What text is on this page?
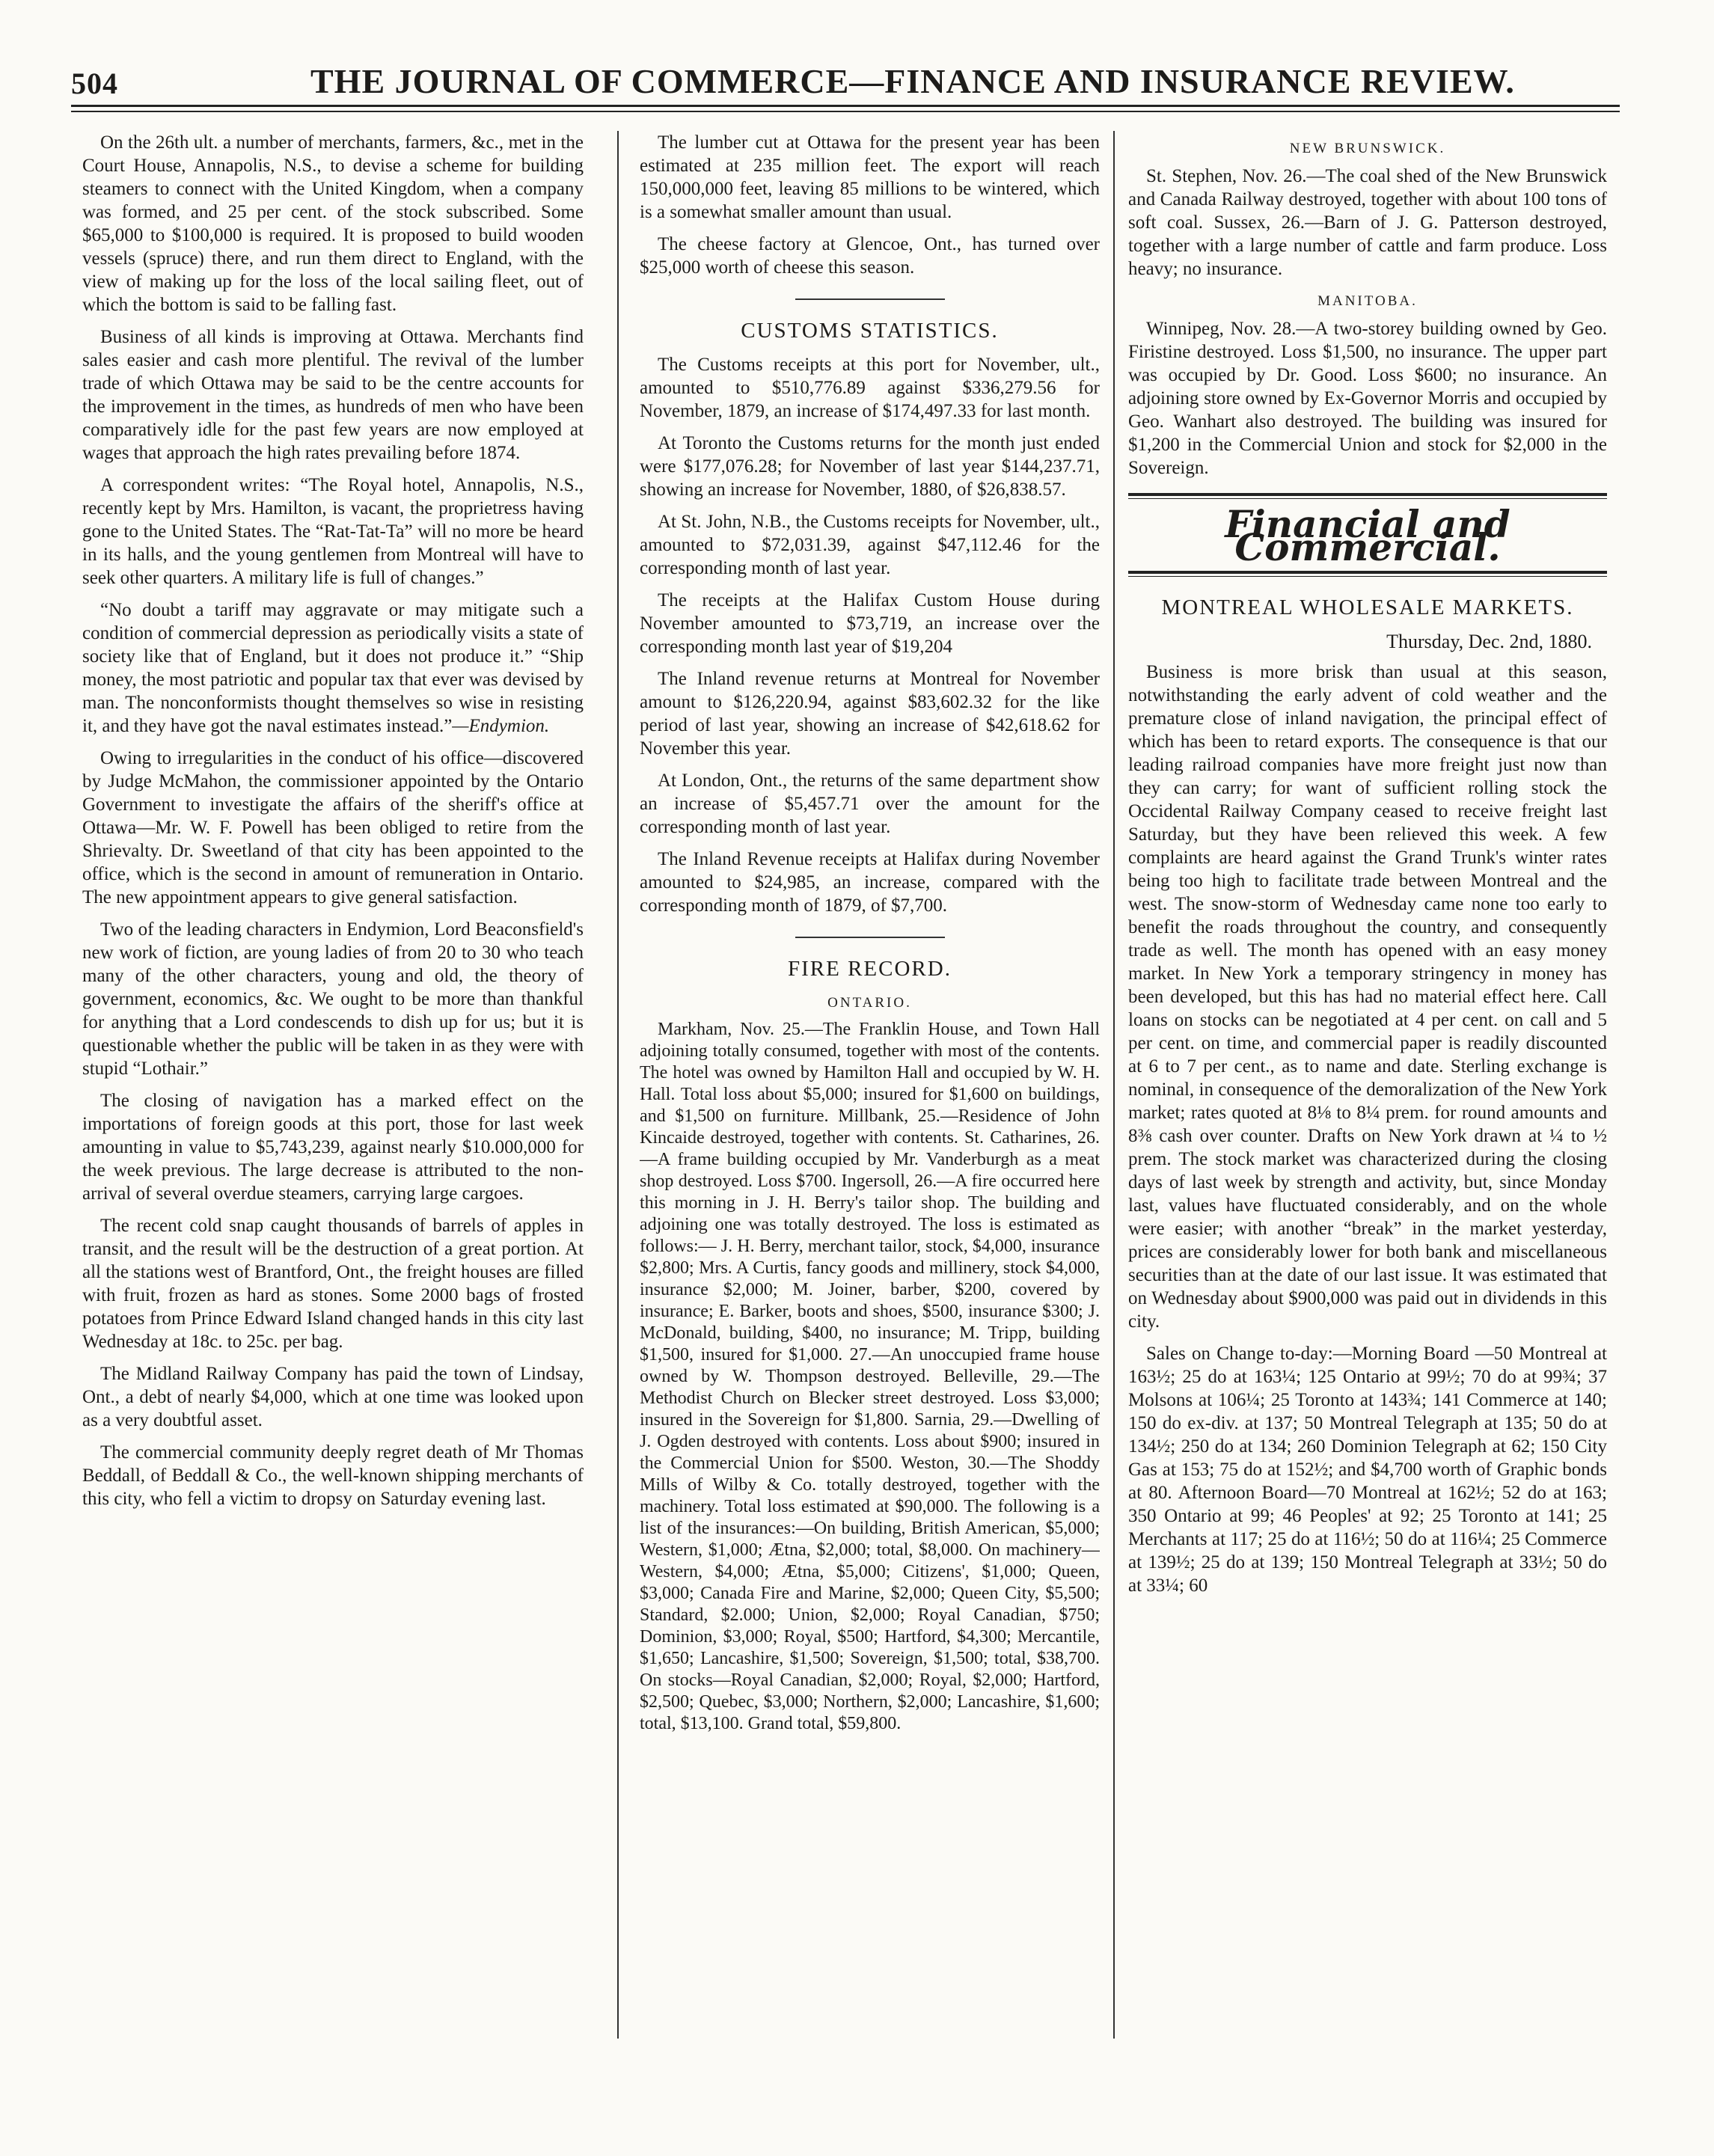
504	THE JOURNAL OF COMMERCE—FINANCE AND INSURANCE REVIEW.

On the 26th ult. a number of merchants, farmers, &c., met in the Court House, Annapolis, N.S., to devise a scheme for building steamers to connect with the United Kingdom, when a company was formed, and 25 per cent. of the stock subscribed. Some $65,000 to $100,000 is required. It is proposed to build wooden vessels (spruce) there, and run them direct to England, with the view of making up for the loss of the local sailing fleet, out of which the bottom is said to be falling fast.

Business of all kinds is improving at Ottawa. Merchants find sales easier and cash more plentiful. The revival of the lumber trade of which Ottawa may be said to be the centre accounts for the improvement in the times, as hundreds of men who have been comparatively idle for the past few years are now employed at wages that approach the high rates prevailing before 1874.

A correspondent writes: “The Royal hotel, Annapolis, N.S., recently kept by Mrs. Hamilton, is vacant, the proprietress having gone to the United States. The “Rat-Tat-Ta” will no more be heard in its halls, and the young gentlemen from Montreal will have to seek other quarters. A military life is full of changes.”

“No doubt a tariff may aggravate or may mitigate such a condition of commercial depression as periodically visits a state of society like that of England, but it does not produce it.” “Ship money, the most patriotic and popular tax that ever was devised by man. The nonconformists thought themselves so wise in resisting it, and they have got the naval estimates instead.”—Endymion.

Owing to irregularities in the conduct of his office—discovered by Judge McMahon, the commissioner appointed by the Ontario Government to investigate the affairs of the sheriff's office at Ottawa—Mr. W. F. Powell has been obliged to retire from the Shrievalty. Dr. Sweetland of that city has been appointed to the office, which is the second in amount of remuneration in Ontario. The new appointment appears to give general satisfaction.

Two of the leading characters in Endymion, Lord Beaconsfield's new work of fiction, are young ladies of from 20 to 30 who teach many of the other characters, young and old, the theory of government, economics, &c. We ought to be more than thankful for anything that a Lord condescends to dish up for us; but it is questionable whether the public will be taken in as they were with stupid “Lothair.”

The closing of navigation has a marked effect on the importations of foreign goods at this port, those for last week amounting in value to $5,743,239, against nearly $10.000,000 for the week previous. The large decrease is attributed to the non-arrival of several overdue steamers, carrying large cargoes.

The recent cold snap caught thousands of barrels of apples in transit, and the result will be the destruction of a great portion. At all the stations west of Brantford, Ont., the freight houses are filled with fruit, frozen as hard as stones. Some 2000 bags of frosted potatoes from Prince Edward Island changed hands in this city last Wednesday at 18c. to 25c. per bag.

The Midland Railway Company has paid the town of Lindsay, Ont., a debt of nearly $4,000, which at one time was looked upon as a very doubtful asset.

The commercial community deeply regret death of Mr Thomas Beddall, of Beddall & Co., the well-known shipping merchants of this city, who fell a victim to dropsy on Saturday evening last.

The lumber cut at Ottawa for the present year has been estimated at 235 million feet. The export will reach 150,000,000 feet, leaving 85 millions to be wintered, which is a somewhat smaller amount than usual.

The cheese factory at Glencoe, Ont., has turned over $25,000 worth of cheese this season.

CUSTOMS STATISTICS.

The Customs receipts at this port for November, ult., amounted to $510,776.89 against $336,279.56 for November, 1879, an increase of $174,497.33 for last month.

At Toronto the Customs returns for the month just ended were $177,076.28; for November of last year $144,237.71, showing an increase for November, 1880, of $26,838.57.

At St. John, N.B., the Customs receipts for November, ult., amounted to $72,031.39, against $47,112.46 for the corresponding month of last year.

The receipts at the Halifax Custom House during November amounted to $73,719, an increase over the corresponding month last year of $19,204

The Inland revenue returns at Montreal for November amount to $126,220.94, against $83,602.32 for the like period of last year, showing an increase of $42,618.62 for November this year.

At London, Ont., the returns of the same department show an increase of $5,457.71 over the amount for the corresponding month of last year.

The Inland Revenue receipts at Halifax during November amounted to $24,985, an increase, compared with the corresponding month of 1879, of $7,700.

FIRE RECORD.
ONTARIO.

Markham, Nov. 25.—The Franklin House, and Town Hall adjoining totally consumed, together with most of the contents. The hotel was owned by Hamilton Hall and occupied by W. H. Hall. Total loss about $5,000; insured for $1,600 on buildings, and $1,500 on furniture. Millbank, 25.—Residence of John Kincaide destroyed, together with contents. St. Catharines, 26.—A frame building occupied by Mr. Vanderburgh as a meat shop destroyed. Loss $700. Ingersoll, 26.—A fire occurred here this morning in J. H. Berry's tailor shop. The building and adjoining one was totally destroyed. The loss is estimated as follows:— J. H. Berry, merchant tailor, stock, $4,000, insurance $2,800; Mrs. A Curtis, fancy goods and millinery, stock $4,000, insurance $2,000; M. Joiner, barber, $200, covered by insurance; E. Barker, boots and shoes, $500, insurance $300; J. McDonald, building, $400, no insurance; M. Tripp, building $1,500, insured for $1,000. 27.—An unoccupied frame house owned by W. Thompson destroyed. Belleville, 29.—The Methodist Church on Blecker street destroyed. Loss $3,000; insured in the Sovereign for $1,800. Sarnia, 29.—Dwelling of J. Ogden destroyed with contents. Loss about $900; insured in the Commercial Union for $500. Weston, 30.—The Shoddy Mills of Wilby & Co. totally destroyed, together with the machinery. Total loss estimated at $90,000. The following is a list of the insurances:—On building, British American, $5,000; Western, $1,000; Ætna, $2,000; total, $8,000. On machinery—Western, $4,000; Ætna, $5,000; Citizens', $1,000; Queen, $3,000; Canada Fire and Marine, $2,000; Queen City, $5,500; Standard, $2.000; Union, $2,000; Royal Canadian, $750; Dominion, $3,000; Royal, $500; Hartford, $4,300; Mercantile, $1,650; Lancashire, $1,500; Sovereign, $1,500; total, $38,700. On stocks—Royal Canadian, $2,000; Royal, $2,000; Hartford, $2,500; Quebec, $3,000; Northern, $2,000; Lancashire, $1,600; total, $13,100. Grand total, $59,800.

NEW BRUNSWICK.

St. Stephen, Nov. 26.—The coal shed of the New Brunswick and Canada Railway destroyed, together with about 100 tons of soft coal. Sussex, 26.—Barn of J. G. Patterson destroyed, together with a large number of cattle and farm produce. Loss heavy; no insurance.

MANITOBA.

Winnipeg, Nov. 28.—A two-storey building owned by Geo. Firistine destroyed. Loss $1,500, no insurance. The upper part was occupied by Dr. Good. Loss $600; no insurance. An adjoining store owned by Ex-Governor Morris and occupied by Geo. Wanhart also destroyed. The building was insured for $1,200 in the Commercial Union and stock for $2,000 in the Sovereign.

Financial and Commercial.
MONTREAL WHOLESALE MARKETS.
Thursday, Dec. 2nd, 1880.

Business is more brisk than usual at this season, notwithstanding the early advent of cold weather and the premature close of inland navigation, the principal effect of which has been to retard exports. The consequence is that our leading railroad companies have more freight just now than they can carry; for want of sufficient rolling stock the Occidental Railway Company ceased to receive freight last Saturday, but they have been relieved this week. A few complaints are heard against the Grand Trunk's winter rates being too high to facilitate trade between Montreal and the west. The snow-storm of Wednesday came none too early to benefit the roads throughout the country, and consequently trade as well. The month has opened with an easy money market. In New York a temporary stringency in money has been developed, but this has had no material effect here. Call loans on stocks can be negotiated at 4 per cent. on call and 5 per cent. on time, and commercial paper is readily discounted at 6 to 7 per cent., as to name and date. Sterling exchange is nominal, in consequence of the demoralization of the New York market; rates quoted at 8⅛ to 8¼ prem. for round amounts and 8⅜ cash over counter. Drafts on New York drawn at ¼ to ½ prem. The stock market was characterized during the closing days of last week by strength and activity, but, since Monday last, values have fluctuated considerably, and on the whole were easier; with another “break” in the market yesterday, prices are considerably lower for both bank and miscellaneous securities than at the date of our last issue. It was estimated that on Wednesday about $900,000 was paid out in dividends in this city.

Sales on Change to-day:—Morning Board —50 Montreal at 163½; 25 do at 163¼; 125 Ontario at 99½; 70 do at 99¾; 37 Molsons at 106¼; 25 Toronto at 143¾; 141 Commerce at 140; 150 do ex-div. at 137; 50 Montreal Telegraph at 135; 50 do at 134½; 250 do at 134; 260 Dominion Telegraph at 62; 150 City Gas at 153; 75 do at 152½; and $4,700 worth of Graphic bonds at 80. Afternoon Board—70 Montreal at 162½; 52 do at 163; 350 Ontario at 99; 46 Peoples' at 92; 25 Toronto at 141; 25 Merchants at 117; 25 do at 116½; 50 do at 116¼; 25 Commerce at 139½; 25 do at 139; 150 Montreal Telegraph at 33½; 50 do at 33¼; 60
